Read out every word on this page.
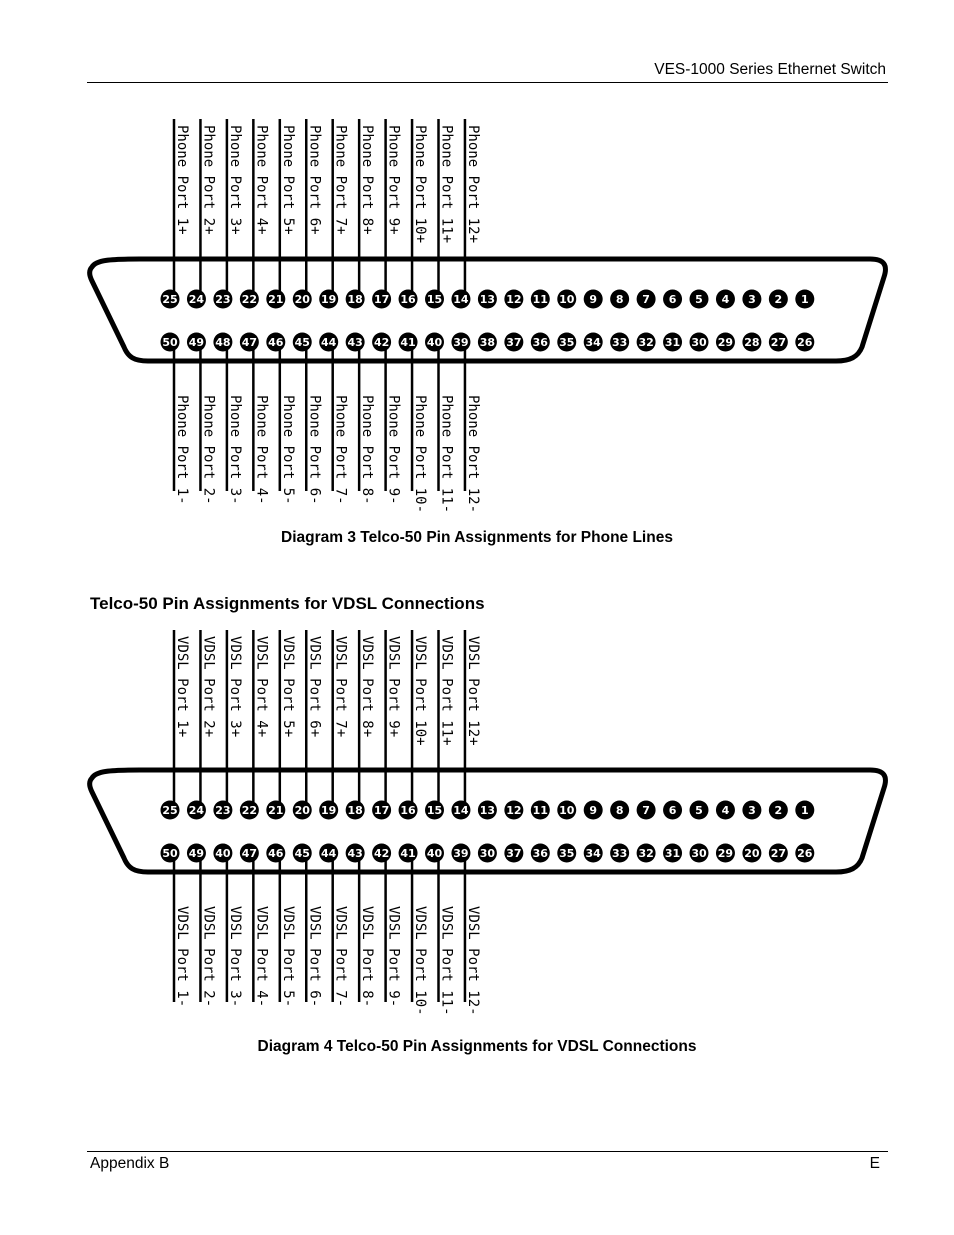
VES-1000 Series Ethernet Switch
Phone Port 1+
Phone Port 1-
Phone Port 2+
Phone Port 2-
Phone Port 3+
Phone Port 3-
Phone Port 4+
Phone Port 4-
Phone Port 5+
Phone Port 5-
Phone Port 6+
Phone Port 6-
Phone Port 7+
Phone Port 7-
Phone Port 8+
Phone Port 8-
Phone Port 9+
Phone Port 9-
Phone Port 10+
Phone Port 10-
Phone Port 11+
Phone Port 11-
Phone Port 12+
Phone Port 12-
25 24 23 22 21 20 19 18 17 16 15 14 13 12 11 10 9 8 7 6 5 4 3 2 1
50 49 48 47 46 45 44 43 42 41 40 39 38 37 36 35 34 33 32 31 30 29 28 27 26
Diagram 3 Telco-50 Pin Assignments for Phone Lines
Telco-50 Pin Assignments for VDSL Connections
VDSL Port 1+
VDSL Port 1-
VDSL Port 2+
VDSL Port 2-
VDSL Port 3+
VDSL Port 3-
VDSL Port 4+
VDSL Port 4-
VDSL Port 5+
VDSL Port 5-
VDSL Port 6+
VDSL Port 6-
VDSL Port 7+
VDSL Port 7-
VDSL Port 8+
VDSL Port 8-
VDSL Port 9+
VDSL Port 9-
VDSL Port 10+
VDSL Port 10-
VDSL Port 11+
VDSL Port 11-
VDSL Port 12+
VDSL Port 12-
25 24 23 22 21 20 19 18 17 16 15 14 13 12 11 10 9 8 7 6 5 4 3 2 1
50 49 40 47 46 45 44 43 42 41 40 39 30 37 36 35 34 33 32 31 30 29 20 27 26
Diagram 4 Telco-50 Pin Assignments for VDSL Connections
Appendix B	E
